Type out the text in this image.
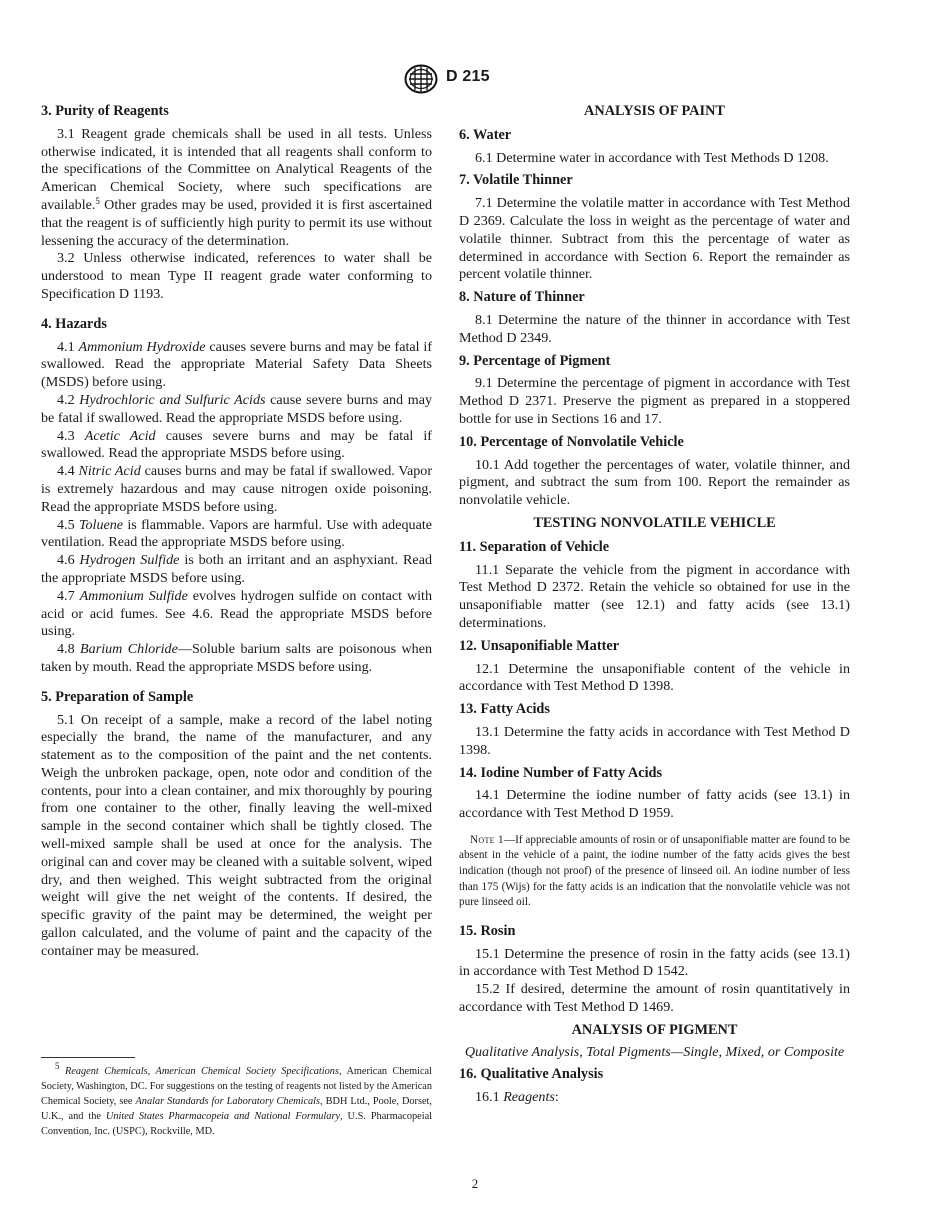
D 215
3. Purity of Reagents

3.1 Reagent grade chemicals shall be used in all tests. Unless otherwise indicated, it is intended that all reagents shall conform to the specifications of the Committee on Analytical Reagents of the American Chemical Society, where such specifications are available.$^5$ Other grades may be used, provided it is first ascertained that the reagent is of sufficiently high purity to permit its use without lessening the accuracy of the determination.

3.2 Unless otherwise indicated, references to water shall be understood to mean Type II reagent grade water conforming to Specification D 1193.

4. Hazards

4.1 Ammonium Hydroxide causes severe burns and may be fatal if swallowed. Read the appropriate Material Safety Data Sheets (MSDS) before using.

4.2 Hydrochloric and Sulfuric Acids cause severe burns and may be fatal if swallowed. Read the appropriate MSDS before using.

4.3 Acetic Acid causes severe burns and may be fatal if swallowed. Read the appropriate MSDS before using.

4.4 Nitric Acid causes burns and may be fatal if swallowed. Vapor is extremely hazardous and may cause nitrogen oxide poisoning. Read the appropriate MSDS before using.

4.5 Toluene is flammable. Vapors are harmful. Use with adequate ventilation. Read the appropriate MSDS before using.

4.6 Hydrogen Sulfide is both an irritant and an asphyxiant. Read the appropriate MSDS before using.

4.7 Ammonium Sulfide evolves hydrogen sulfide on contact with acid or acid fumes. See 4.6. Read the appropriate MSDS before using.

4.8 Barium Chloride—Soluble barium salts are poisonous when taken by mouth. Read the appropriate MSDS before using.

5. Preparation of Sample

5.1 On receipt of a sample, make a record of the label noting especially the brand, the name of the manufacturer, and any statement as to the composition of the paint and the net contents. Weigh the unbroken package, open, note odor and condition of the contents, pour into a clean container, and mix thoroughly by pouring from one container to the other, finally leaving the well-mixed sample in the second container which shall be tightly closed. The well-mixed sample shall be used at once for the analysis. The original can and cover may be cleaned with a suitable solvent, wiped dry, and then weighed. This weight subtracted from the original weight will give the net weight of the contents. If desired, the specific gravity of the paint may be determined, the weight per gallon calculated, and the volume of paint and the capacity of the container may be measured.

$^5$ Reagent Chemicals, American Chemical Society Specifications, American Chemical Society, Washington, DC. For suggestions on the testing of reagents not listed by the American Chemical Society, see Analar Standards for Laboratory Chemicals, BDH Ltd., Poole, Dorset, U.K., and the United States Pharmacopeia and National Formulary, U.S. Pharmacopeial Convention, Inc. (USPC), Rockville, MD.
ANALYSIS OF PAINT
6. Water

6.1 Determine water in accordance with Test Methods D 1208.

7. Volatile Thinner

7.1 Determine the volatile matter in accordance with Test Method D 2369. Calculate the loss in weight as the percentage of water and volatile thinner. Subtract from this the percentage of water as determined in accordance with Section 6. Report the remainder as percent volatile thinner.

8. Nature of Thinner

8.1 Determine the nature of the thinner in accordance with Test Method D 2349.

9. Percentage of Pigment

9.1 Determine the percentage of pigment in accordance with Test Method D 2371. Preserve the pigment as prepared in a stoppered bottle for use in Sections 16 and 17.

10. Percentage of Nonvolatile Vehicle

10.1 Add together the percentages of water, volatile thinner, and pigment, and subtract the sum from 100. Report the remainder as nonvolatile vehicle.

TESTING NONVOLATILE VEHICLE
11. Separation of Vehicle

11.1 Separate the vehicle from the pigment in accordance with Test Method D 2372. Retain the vehicle so obtained for use in the unsaponifiable matter (see 12.1) and fatty acids (see 13.1) determinations.

12. Unsaponifiable Matter

12.1 Determine the unsaponifiable content of the vehicle in accordance with Test Method D 1398.

13. Fatty Acids

13.1 Determine the fatty acids in accordance with Test Method D 1398.

14. Iodine Number of Fatty Acids

14.1 Determine the iodine number of fatty acids (see 13.1) in accordance with Test Method D 1959.

Note 1—If appreciable amounts of rosin or of unsaponifiable matter are found to be absent in the vehicle of a paint, the iodine number of the fatty acids gives the best indication (though not proof) of the presence of linseed oil. An iodine number of less than 175 (Wijs) for the fatty acids is an indication that the nonvolatile vehicle was not pure linseed oil.
15. Rosin

15.1 Determine the presence of rosin in the fatty acids (see 13.1) in accordance with Test Method D 1542.

15.2 If desired, determine the amount of rosin quantitatively in accordance with Test Method D 1469.

ANALYSIS OF PIGMENT
Qualitative Analysis, Total Pigments—Single, Mixed, or Composite
16. Qualitative Analysis

16.1 Reagents:

2
